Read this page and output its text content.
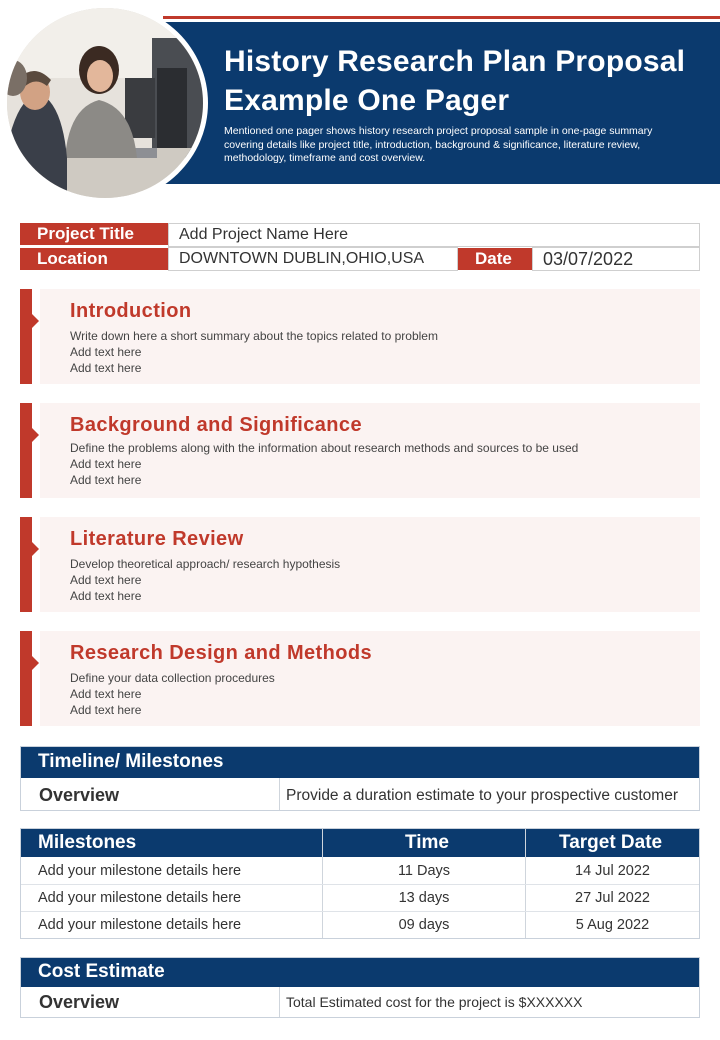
History Research Plan Proposal
Example One Pager
Mentioned one pager shows history research project proposal sample in one-page summary covering details like project title, introduction, background & significance, literature review, methodology, timeframe and cost overview.
Project Title	Add Project Name Here
Location	DOWNTOWN DUBLIN,OHIO,USA	Date	03/07/2022
Introduction
Write down here a short summary about the topics related to problem
Add text here
Add text here
Background and Significance
Define the problems along with the information about research methods and sources to be used
Add text here
Add text here
Literature Review
Develop theoretical approach/ research hypothesis
Add text here
Add text here
Research Design and Methods
Define your data collection procedures
Add text here
Add text here
Timeline/ Milestones
Overview	Provide a duration estimate to your prospective customer
Milestones	Time	Target Date
Add your milestone details here	11 Days	14 Jul 2022
Add your milestone details here	13 days	27 Jul 2022
Add your milestone details here	09 days	5 Aug 2022
Cost Estimate
Overview	Total Estimated cost for the project is $XXXXXX
